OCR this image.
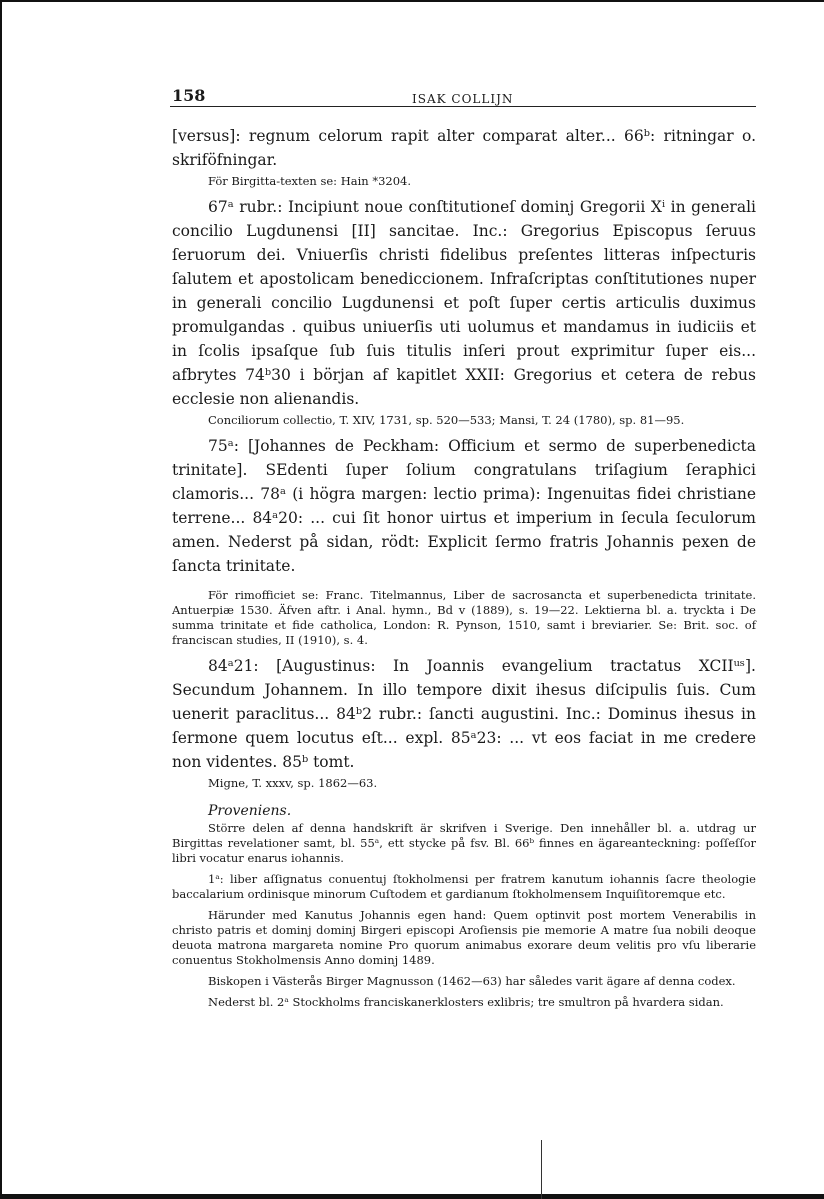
158	ISAK COLLIJN

[versus]: regnum celorum rapit alter comparat alter... 66ᵇ: ritningar o. skriföfningar.

För Birgitta-texten se: Hain *3204.

67ᵃ rubr.: Incipiunt noue conſtitutioneſ dominj Gregorii Xⁱ in generali concilio Lugdunensi [II] sancitae. Inc.: Gregorius Episcopus ſeruus ſeruorum dei. Vniuerſis christi fidelibus preſentes litteras inſpecturis ſalutem et apostolicam benediccionem. Infraſcriptas conſtitutiones nuper in generali concilio Lugdunensi et poſt ſuper certis articulis duximus promulgandas . quibus uniuerſis uti uolumus et mandamus in iudiciis et in ſcolis ipsaſque ſub ſuis titulis inſeri prout exprimitur ſuper eis... afbrytes 74ᵇ30 i början af kapitlet XXII: Gregorius et cetera de rebus ecclesie non alienandis.

Conciliorum collectio, T. XIV, 1731, sp. 520—533; Mansi, T. 24 (1780), sp. 81—95.

75ᵃ: [Johannes de Peckham: Officium et sermo de superbenedicta trinitate]. SEdenti ſuper ſolium congratulans triſagium ſeraphici clamoris... 78ᵃ (i högra margen: lectio prima): Ingenuitas fidei christiane terrene... 84ᵃ20: ... cui ſit honor uirtus et imperium in ſecula ſeculorum amen. Nederst på sidan, rödt: Explicit ſermo fratris Johannis pexen de ſancta trinitate.

För rimofficiet se: Franc. Titelmannus, Liber de sacrosancta et superbenedicta trinitate. Antuerpiæ 1530. Äfven aftr. i Anal. hymn., Bd v (1889), s. 19—22. Lektierna bl. a. tryckta i De summa trinitate et fide catholica, London: R. Pynson, 1510, samt i breviarier. Se: Brit. soc. of franciscan studies, II (1910), s. 4.

84ᵃ21: [Augustinus: In Joannis evangelium tractatus XCIIᵘˢ]. Secundum Johannem. In illo tempore dixit ihesus diſcipulis ſuis. Cum uenerit paraclitus... 84ᵇ2 rubr.: ſancti augustini. Inc.: Dominus ihesus in ſermone quem locutus eſt... expl. 85ᵃ23: ... vt eos faciat in me credere non videntes. 85ᵇ tomt.

Migne, T. xxxv, sp. 1862—63.

Proveniens.

Större delen af denna handskrift är skrifven i Sverige. Den innehåller bl. a. utdrag ur Birgittas revelationer samt, bl. 55ᵃ, ett stycke på fsv. Bl. 66ᵇ finnes en ägareanteckning: poſſeſſor libri vocatur enarus iohannis.

1ᵃ: liber aſſignatus conuentuj ſtokholmensi per fratrem kanutum iohannis ſacre theologie baccalarium ordinisque minorum Cuſtodem et gardianum ſtokholmensem Inquiſitoremque etc.

Härunder med Kanutus Johannis egen hand: Quem optinvit post mortem Venerabilis in christo patris et dominj dominj Birgeri episcopi Aroſiensis pie memorie A matre ſua nobili deoque deuota matrona margareta nomine Pro quorum animabus exorare deum velitis pro vſu liberarie conuentus Stokholmensis Anno dominj 1489.

Biskopen i Västerås Birger Magnusson (1462—63) har således varit ägare af denna codex.

Nederst bl. 2ᵃ Stockholms franciskanerklosters exlibris; tre smultron på hvardera sidan.
